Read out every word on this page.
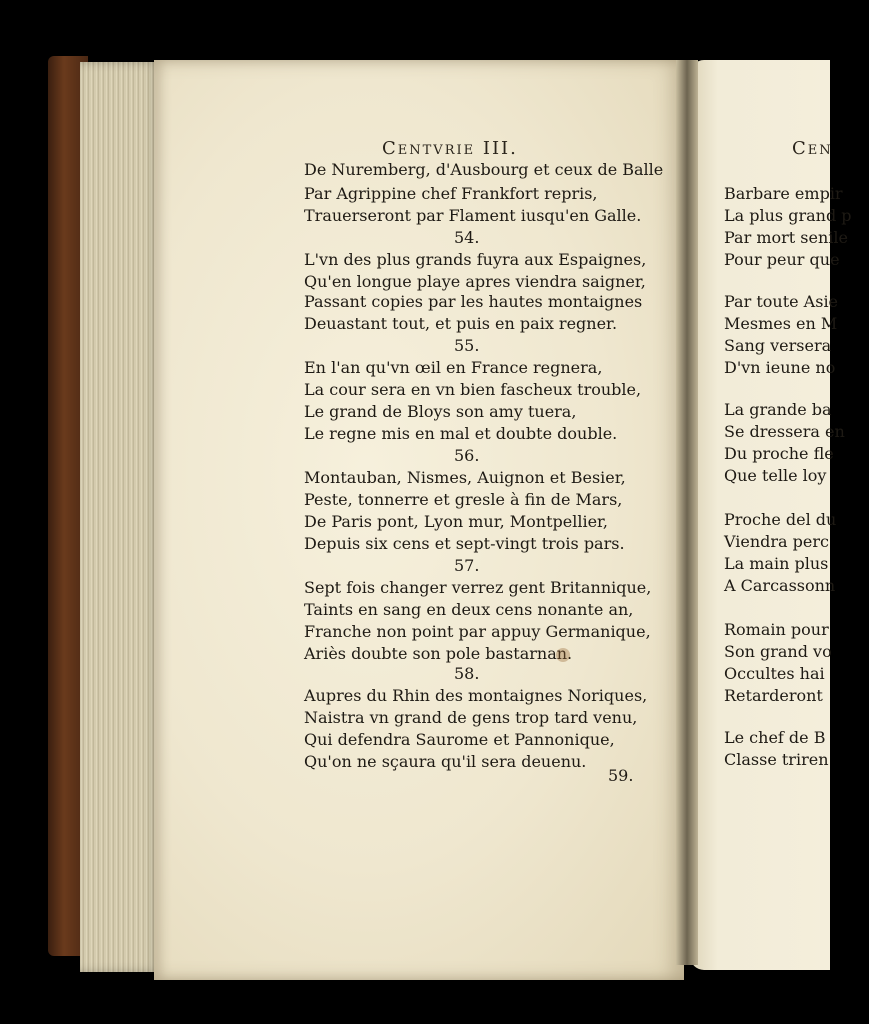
Centvrie III.
De Nuremberg, d'Ausbourg et ceux de Balle
Par Agrippine chef Frankfort repris,
Trauerseront par Flament iusqu'en Galle.
54.
L'vn des plus grands fuyra aux Espaignes,
Qu'en longue playe apres viendra saigner,
Passant copies par les hautes montaignes
Deuastant tout, et puis en paix regner.
55.
En l'an qu'vn œil en France regnera,
La cour sera en vn bien fascheux trouble,
Le grand de Bloys son amy tuera,
Le regne mis en mal et doubte double.
56.
Montauban, Nismes, Auignon et Besier,
Peste, tonnerre et gresle à fin de Mars,
De Paris pont, Lyon mur, Montpellier,
Depuis six cens et sept-vingt trois pars.
57.
Sept fois changer verrez gent Britannique,
Taints en sang en deux cens nonante an,
Franche non point par appuy Germanique,
Ariès doubte son pole bastarnan.
58.
Aupres du Rhin des montaignes Noriques,
Naistra vn grand de gens trop tard venu,
Qui defendra Saurome et Pannonique,
Qu'on ne sçaura qu'il sera deuenu.
59.
Cen
Barbare empir
La plus grand p
Par mort senile
Pour peur que
Par toute Asie
Mesmes en M
Sang versera
D'vn ieune no
La grande ba
Se dressera en
Du proche fle
Que telle loy
Proche del du
Viendra perc
La main plus
A Carcassonn
Romain pour
Son grand vo
Occultes hai
Retarderont
Le chef de B
Classe triren
